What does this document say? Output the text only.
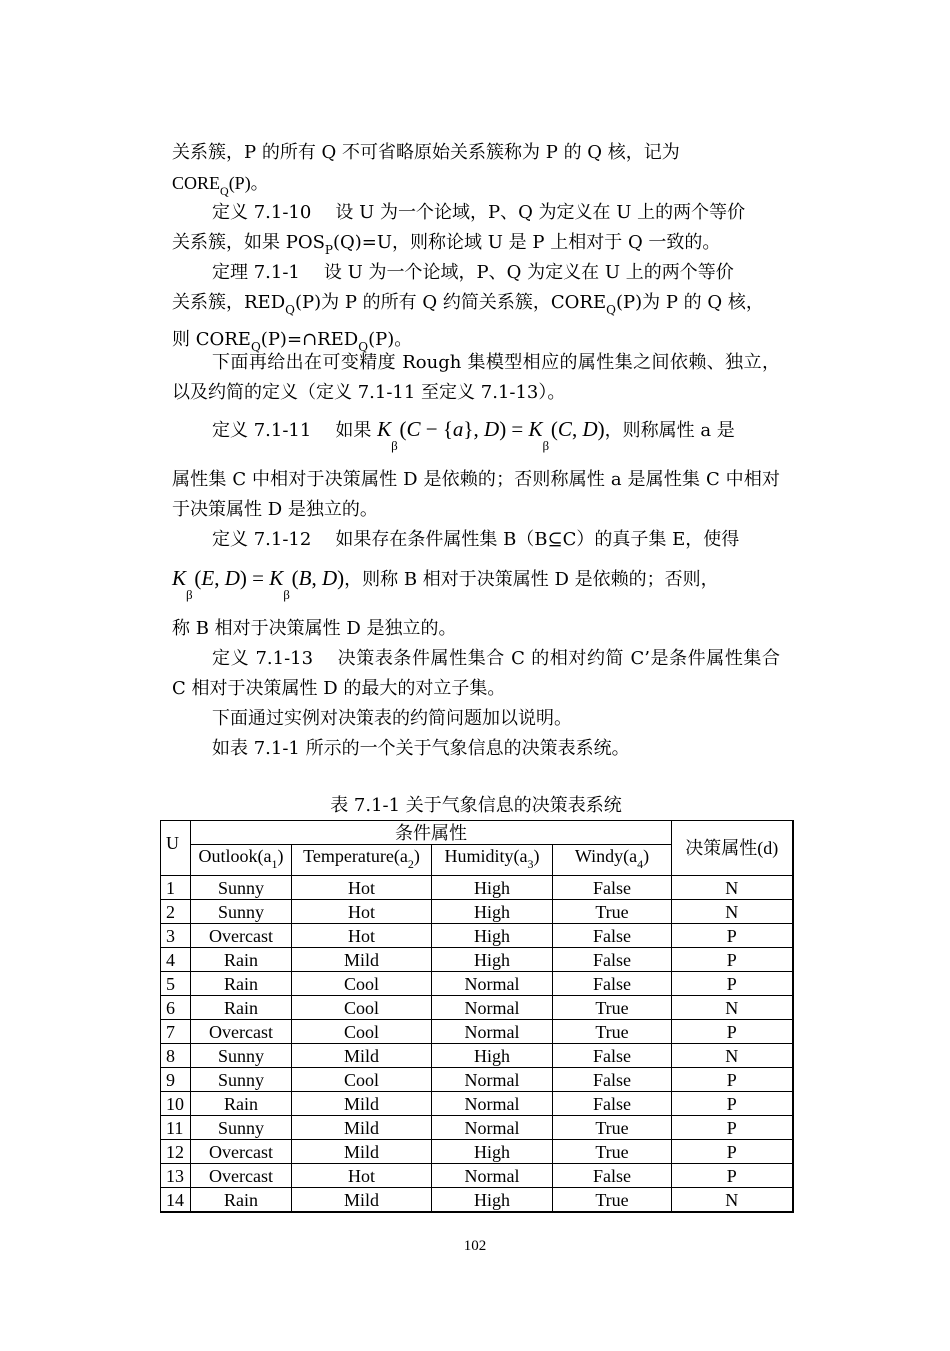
关系簇，P 的所有 Q 不可省略原始关系簇称为 P 的 Q 核，记为
$CORE_Q(P)$。

定义 7.1-10 设 U 为一个论域，P、Q 为定义在 U 上的两个等价
关系簇，如果 $POS_P(Q)=U$，则称论域 U 是 P 上相对于 Q 一致的。

定理 7.1-1 设 U 为一个论域，P、Q 为定义在 U 上的两个等价
关系簇，$RED_Q(P)$为 P 的所有 Q 约简关系簇，$CORE_Q(P)$为 P 的 Q 核，
则 $CORE_Q(P)=\cap RED_Q(P)$。

下面再给出在可变精度 Rough 集模型相应的属性集之间依赖、独立，以及约简的定义（定义 7.1-11 至定义 7.1-13）。

定义 7.1-11 如果 $K_\beta$ (C − {a}, $D) = K_\beta$ (C, D)，则称属性 a 是

属性集 C 中相对于决策属性 D 是依赖的；否则称属性 a 是属性集 C 中相对于决策属性 D 是独立的。

定义 7.1-12 如果存在条件属性集 B（B⊆C）的真子集 E，使得

$K_\beta$ (E, $D) = K_\beta$ (B, D)，则称 B 相对于决策属性 D 是依赖的；否则，

称 B 相对于决策属性 D 是独立的。

定义 7.1-13 决策表条件属性集合 C 的相对约简 C’是条件属性集合 C 相对于决策属性 D 的最大的对立子集。

下面通过实例对决策表的约简问题加以说明。

如表 7.1-1 所示的一个关于气象信息的决策表系统。

表 7.1-1 关于气象信息的决策表系统
U	条件属性				决策属性(d)
	$Outlook(a_1)$	$Temperature(a_2)$	$Humidity(a_3)$	$Windy(a_4)$	
1	Sunny	Hot	High	False	N
2	Sunny	Hot	High	True	N
3	Overcast	Hot	High	False	P
4	Rain	Mild	High	False	P
5	Rain	Cool	Normal	False	P
6	Rain	Cool	Normal	True	N
7	Overcast	Cool	Normal	True	P
8	Sunny	Mild	High	False	N
9	Sunny	Cool	Normal	False	P
10	Rain	Mild	Normal	False	P
11	Sunny	Mild	Normal	True	P
12	Overcast	Mild	High	True	P
13	Overcast	Hot	Normal	False	P
14	Rain	Mild	High	True	N
102
